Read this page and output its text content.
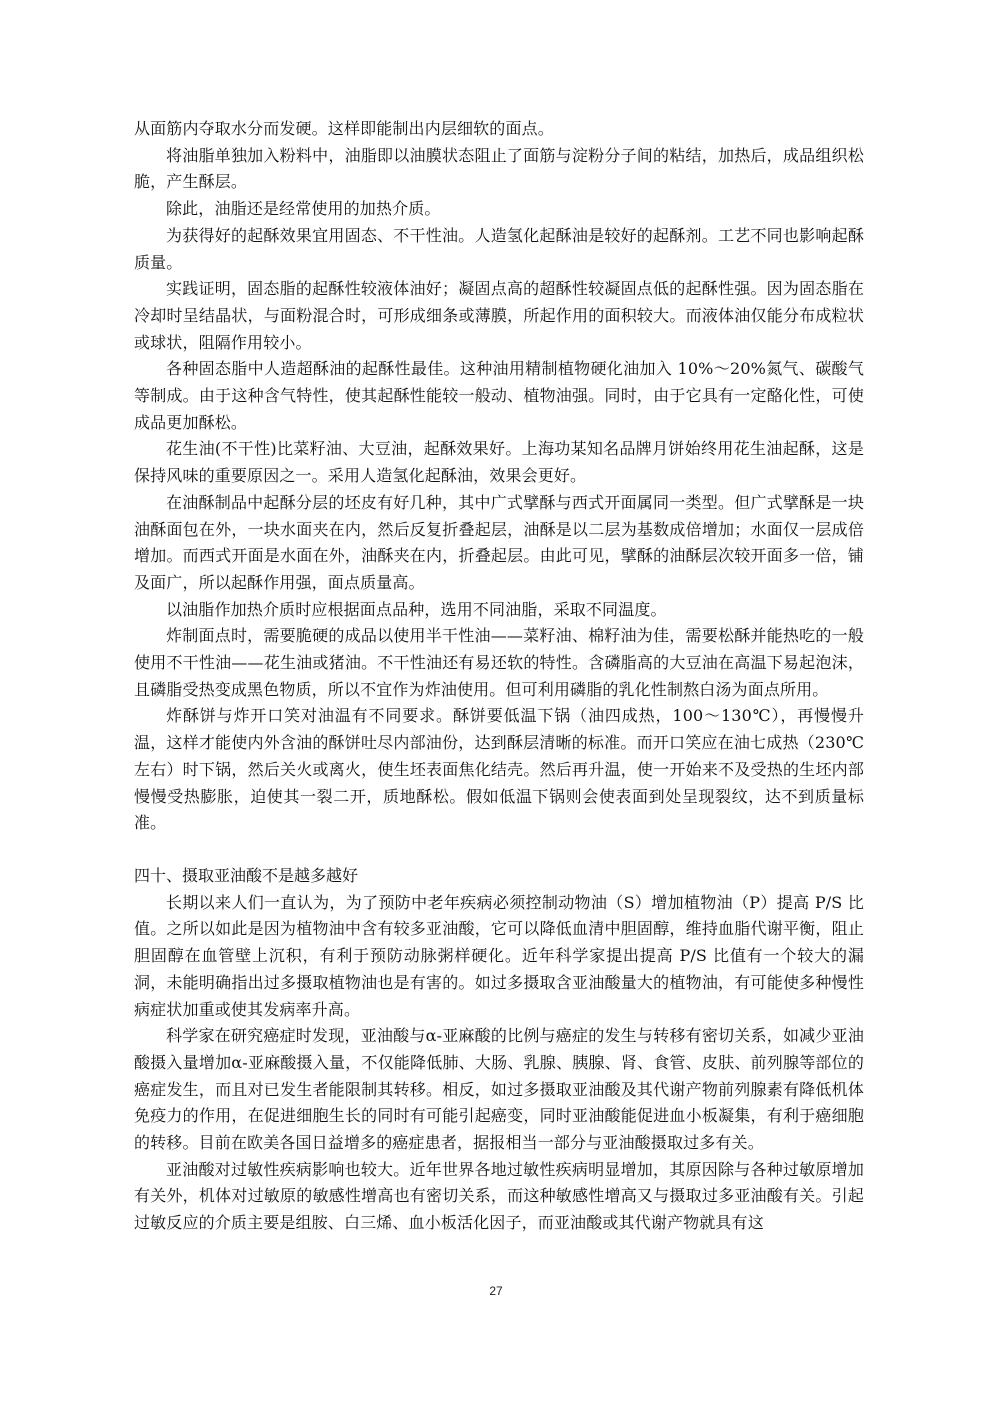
从面筋内夺取水分而发硬。这样即能制出内层细软的面点。

将油脂单独加入粉料中，油脂即以油膜状态阻止了面筋与淀粉分子间的粘结，加热后，成品组织松脆，产生酥层。

除此，油脂还是经常使用的加热介质。

为获得好的起酥效果宜用固态、不干性油。人造氢化起酥油是较好的起酥剂。工艺不同也影响起酥质量。

实践证明，固态脂的起酥性较液体油好；凝固点高的超酥性较凝固点低的起酥性强。因为固态脂在冷却时呈结晶状，与面粉混合时，可形成细条或薄膜，所起作用的面积较大。而液体油仅能分布成粒状或球状，阻隔作用较小。

各种固态脂中人造超酥油的起酥性最佳。这种油用精制植物硬化油加入 10%～20%氮气、碳酸气等制成。由于这种含气特性，使其起酥性能较一般动、植物油强。同时，由于它具有一定酪化性，可使成品更加酥松。

花生油(不干性)比菜籽油、大豆油，起酥效果好。上海功某知名品牌月饼始终用花生油起酥，这是保持风味的重要原因之一。采用人造氢化起酥油，效果会更好。

在油酥制品中起酥分层的坯皮有好几种，其中广式擘酥与西式开面属同一类型。但广式擘酥是一块油酥面包在外，一块水面夹在内，然后反复折叠起层，油酥是以二层为基数成倍增加；水面仅一层成倍增加。而西式开面是水面在外，油酥夹在内，折叠起层。由此可见，擘酥的油酥层次较开面多一倍，铺及面广，所以起酥作用强，面点质量高。

以油脂作加热介质时应根据面点品种，选用不同油脂，采取不同温度。

炸制面点时，需要脆硬的成品以使用半干性油——菜籽油、棉籽油为佳，需要松酥并能热吃的一般使用不干性油——花生油或猪油。不干性油还有易还软的特性。含磷脂高的大豆油在高温下易起泡沫，且磷脂受热变成黑色物质，所以不宜作为炸油使用。但可利用磷脂的乳化性制熬白汤为面点所用。

炸酥饼与炸开口笑对油温有不同要求。酥饼要低温下锅（油四成热，100～130℃），再慢慢升温，这样才能使内外含油的酥饼吐尽内部油份，达到酥层清晰的标准。而开口笑应在油七成热（230℃左右）时下锅，然后关火或离火，使生坯表面焦化结壳。然后再升温，使一开始来不及受热的生坯内部慢慢受热膨胀，迫使其一裂二开，质地酥松。假如低温下锅则会使表面到处呈现裂纹，达不到质量标准。

四十、摄取亚油酸不是越多越好

长期以来人们一直认为，为了预防中老年疾病必须控制动物油（S）增加植物油（P）提高 P/S 比值。之所以如此是因为植物油中含有较多亚油酸，它可以降低血清中胆固醇，维持血脂代谢平衡，阻止胆固醇在血管壁上沉积，有利于预防动脉粥样硬化。近年科学家提出提高 P/S 比值有一个较大的漏洞，未能明确指出过多摄取植物油也是有害的。如过多摄取含亚油酸量大的植物油，有可能使多种慢性病症状加重或使其发病率升高。

科学家在研究癌症时发现，亚油酸与α-亚麻酸的比例与癌症的发生与转移有密切关系，如减少亚油酸摄入量增加α-亚麻酸摄入量，不仅能降低肺、大肠、乳腺、胰腺、肾、食管、皮肤、前列腺等部位的癌症发生，而且对已发生者能限制其转移。相反，如过多摄取亚油酸及其代谢产物前列腺素有降低机体免疫力的作用，在促进细胞生长的同时有可能引起癌变，同时亚油酸能促进血小板凝集，有利于癌细胞的转移。目前在欧美各国日益增多的癌症患者，据报相当一部分与亚油酸摄取过多有关。

亚油酸对过敏性疾病影响也较大。近年世界各地过敏性疾病明显增加，其原因除与各种过敏原增加有关外，机体对过敏原的敏感性增高也有密切关系，而这种敏感性增高又与摄取过多亚油酸有关。引起过敏反应的介质主要是组胺、白三烯、血小板活化因子，而亚油酸或其代谢产物就具有这

27
